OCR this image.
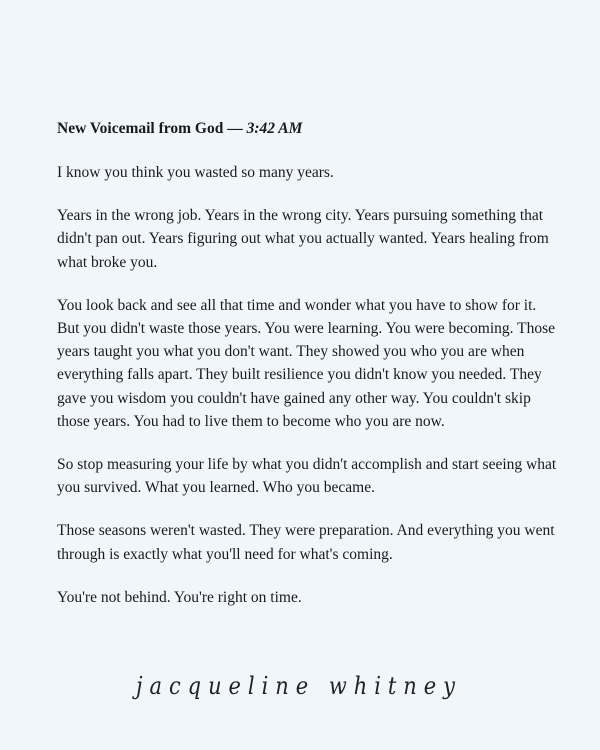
New Voicemail from God — 3:42 AM

I know you think you wasted so many years.

Years in the wrong job. Years in the wrong city. Years pursuing something that didn't pan out. Years figuring out what you actually wanted. Years healing from what broke you.

You look back and see all that time and wonder what you have to show for it. But you didn't waste those years. You were learning. You were becoming. Those years taught you what you don't want. They showed you who you are when everything falls apart. They built resilience you didn't know you needed. They gave you wisdom you couldn't have gained any other way. You couldn't skip those years. You had to live them to become who you are now.

So stop measuring your life by what you didn't accomplish and start seeing what you survived. What you learned. Who you became.

Those seasons weren't wasted. They were preparation. And everything you went through is exactly what you'll need for what's coming.

You're not behind. You're right on time.

jacqueline whitney
